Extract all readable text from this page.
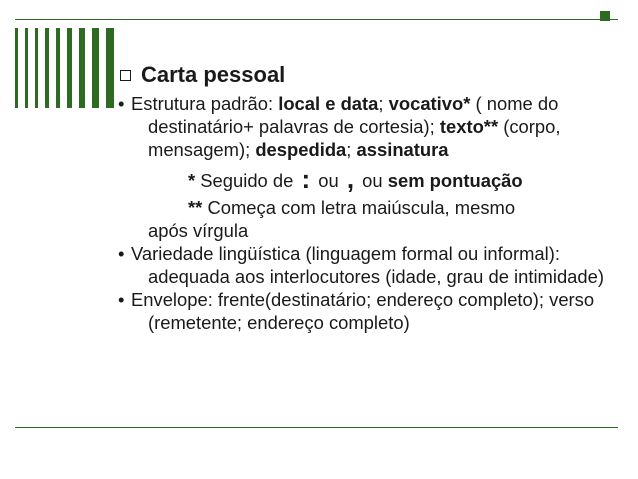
Carta pessoal

• Estrutura padrão: local e data; vocativo* ( nome do destinatário+ palavras de cortesia); texto** (corpo, mensagem); despedida; assinatura

* Seguido de : ou , ou sem pontuação

** Começa com letra maiúscula, mesmo

após vírgula

• Variedade lingüística (linguagem formal ou informal): adequada aos interlocutores (idade, grau de intimidade)

• Envelope: frente(destinatário; endereço completo); verso (remetente; endereço completo)
